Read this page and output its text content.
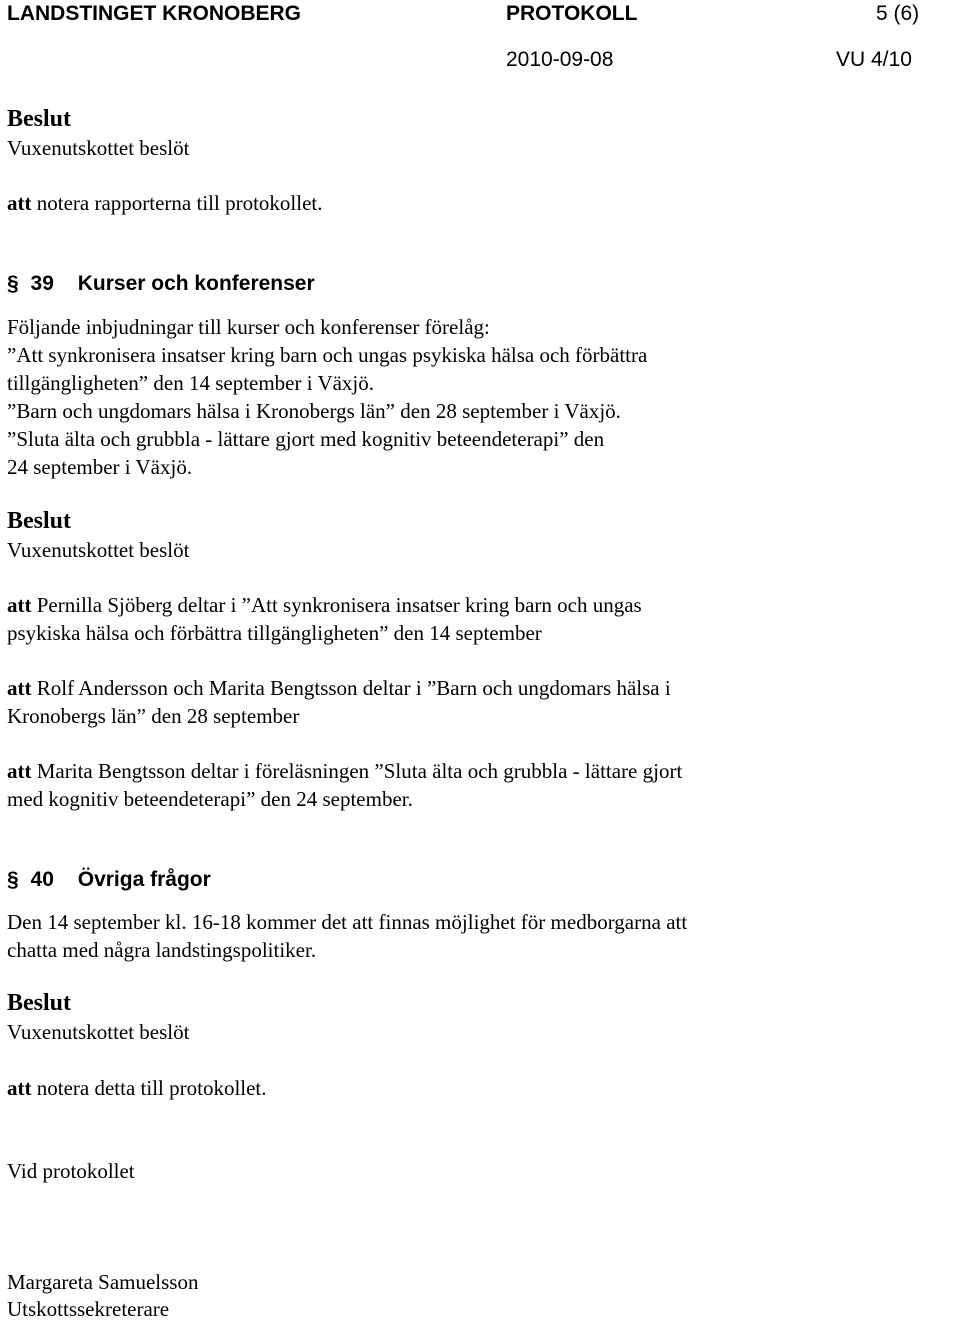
LANDSTINGET KRONOBERG	PROTOKOLL	5 (6)
2010-09-08	VU 4/10
Beslut
Vuxenutskottet beslöt
att notera rapporterna till protokollet.
§ 39 Kurser och konferenser
Följande inbjudningar till kurser och konferenser förelåg:
”Att synkronisera insatser kring barn och ungas psykiska hälsa och förbättra
tillgängligheten” den 14 september i Växjö.
”Barn och ungdomars hälsa i Kronobergs län” den 28 september i Växjö.
”Sluta älta och grubbla - lättare gjort med kognitiv beteendeterapi” den
24 september i Växjö.
Beslut
Vuxenutskottet beslöt
att Pernilla Sjöberg deltar i ”Att synkronisera insatser kring barn och ungas
psykiska hälsa och förbättra tillgängligheten” den 14 september
att Rolf Andersson och Marita Bengtsson deltar i ”Barn och ungdomars hälsa i
Kronobergs län” den 28 september
att Marita Bengtsson deltar i föreläsningen ”Sluta älta och grubbla - lättare gjort
med kognitiv beteendeterapi” den 24 september.
§ 40 Övriga frågor
Den 14 september kl. 16-18 kommer det att finnas möjlighet för medborgarna att
chatta med några landstingspolitiker.
Beslut
Vuxenutskottet beslöt
att notera detta till protokollet.
Vid protokollet
Margareta Samuelsson
Utskottssekreterare
